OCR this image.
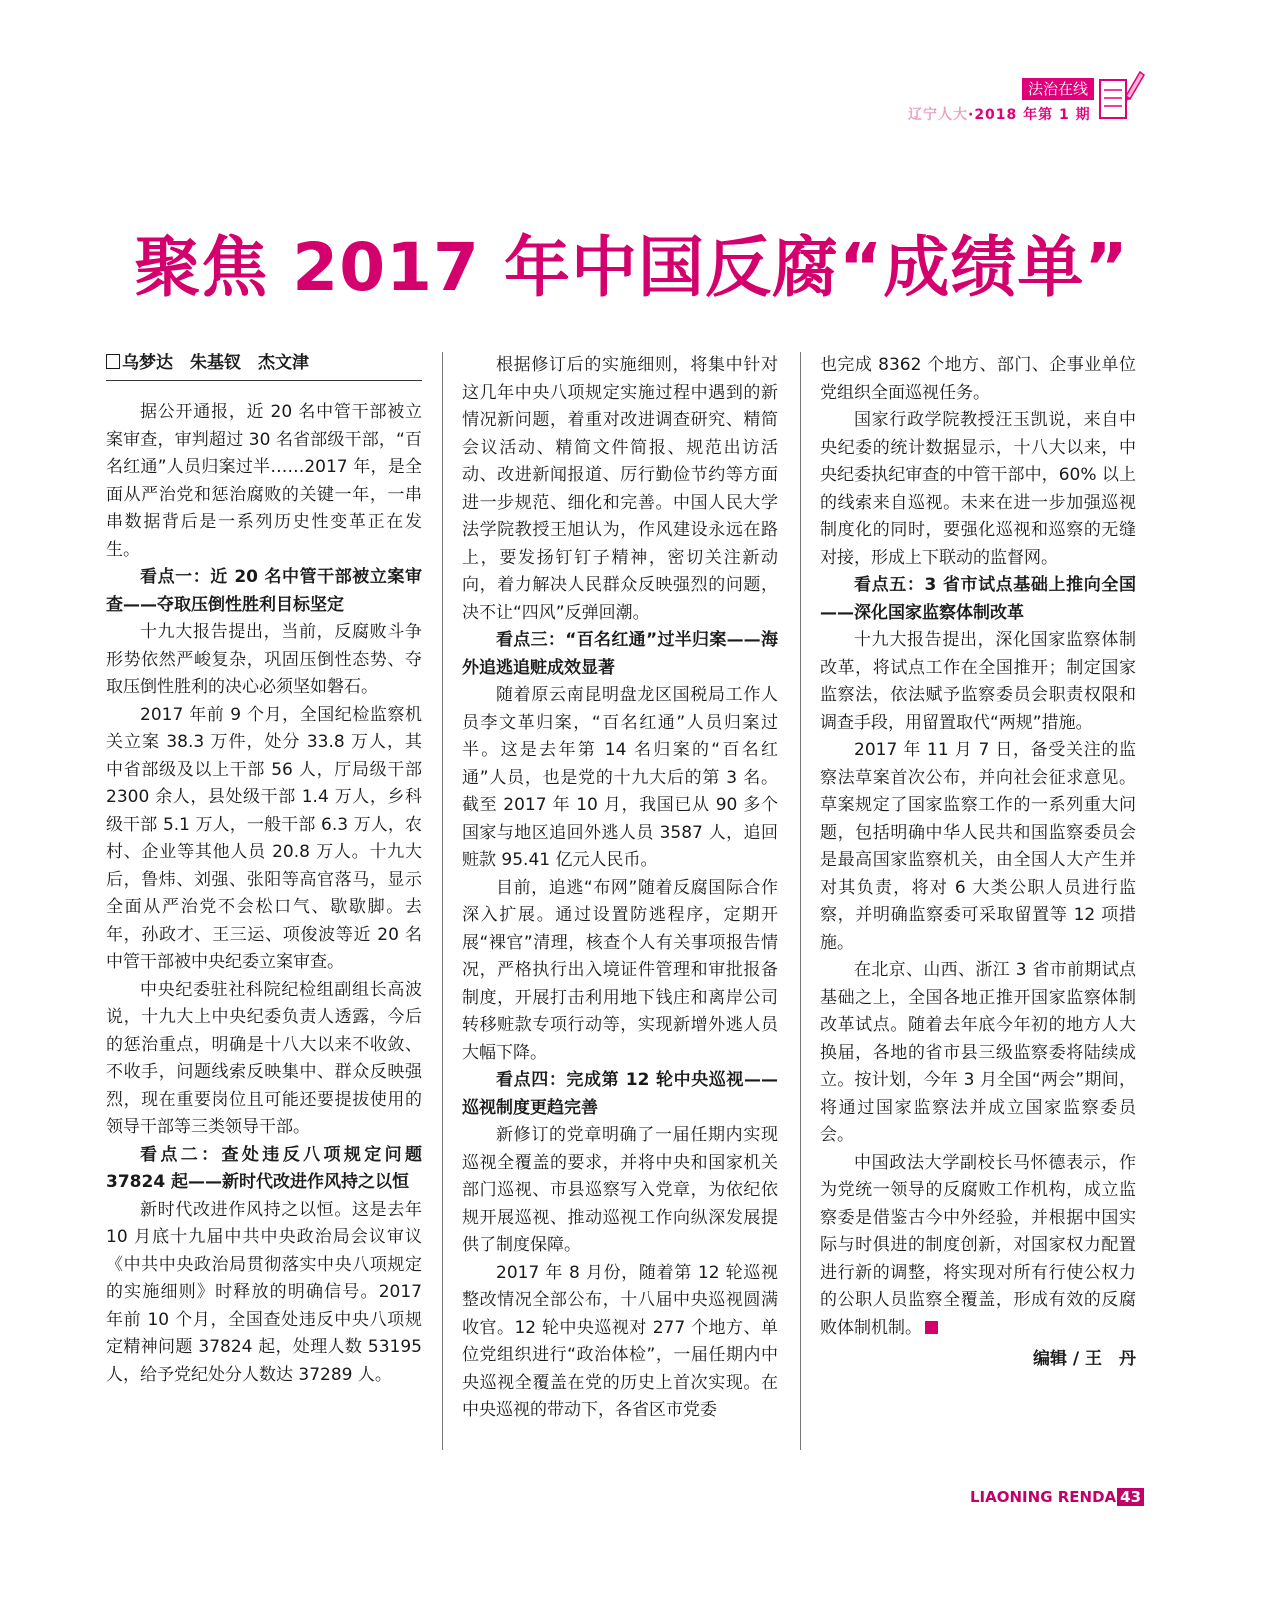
法治在线
辽宁人大·2018 年第 1 期
聚焦 2017 年中国反腐“成绩单”
乌梦达　朱基钗　杰文津

据公开通报，近 20 名中管干部被立案审查，审判超过 30 名省部级干部，“百名红通”人员归案过半……2017 年，是全面从严治党和惩治腐败的关键一年，一串串数据背后是一系列历史性变革正在发生。

看点一：近 20 名中管干部被立案审查——夺取压倒性胜利目标坚定

十九大报告提出，当前，反腐败斗争形势依然严峻复杂，巩固压倒性态势、夺取压倒性胜利的决心必须坚如磐石。

2017 年前 9 个月，全国纪检监察机关立案 38.3 万件，处分 33.8 万人，其中省部级及以上干部 56 人，厅局级干部 2300 余人，县处级干部 1.4 万人，乡科级干部 5.1 万人，一般干部 6.3 万人，农村、企业等其他人员 20.8 万人。十九大后，鲁炜、刘强、张阳等高官落马，显示全面从严治党不会松口气、歇歇脚。去年，孙政才、王三运、项俊波等近 20 名中管干部被中央纪委立案审查。

中央纪委驻社科院纪检组副组长高波说，十九大上中央纪委负责人透露，今后的惩治重点，明确是十八大以来不收敛、不收手，问题线索反映集中、群众反映强烈，现在重要岗位且可能还要提拔使用的领导干部等三类领导干部。

看点二：查处违反八项规定问题 37824 起——新时代改进作风持之以恒

新时代改进作风持之以恒。这是去年 10 月底十九届中共中央政治局会议审议《中共中央政治局贯彻落实中央八项规定的实施细则》时释放的明确信号。2017 年前 10 个月，全国查处违反中央八项规定精神问题 37824 起，处理人数 53195 人，给予党纪处分人数达 37289 人。

根据修订后的实施细则，将集中针对这几年中央八项规定实施过程中遇到的新情况新问题，着重对改进调查研究、精简会议活动、精简文件简报、规范出访活动、改进新闻报道、厉行勤俭节约等方面进一步规范、细化和完善。中国人民大学法学院教授王旭认为，作风建设永远在路上，要发扬钉钉子精神，密切关注新动向，着力解决人民群众反映强烈的问题，决不让“四风”反弹回潮。

看点三：“百名红通”过半归案——海外追逃追赃成效显著

随着原云南昆明盘龙区国税局工作人员李文革归案，“百名红通”人员归案过半。这是去年第 14 名归案的“百名红通”人员，也是党的十九大后的第 3 名。截至 2017 年 10 月，我国已从 90 多个国家与地区追回外逃人员 3587 人，追回赃款 95.41 亿元人民币。

目前，追逃“布网”随着反腐国际合作深入扩展。通过设置防逃程序，定期开展“裸官”清理，核查个人有关事项报告情况，严格执行出入境证件管理和审批报备制度，开展打击利用地下钱庄和离岸公司转移赃款专项行动等，实现新增外逃人员大幅下降。

看点四：完成第 12 轮中央巡视——巡视制度更趋完善

新修订的党章明确了一届任期内实现巡视全覆盖的要求，并将中央和国家机关部门巡视、市县巡察写入党章，为依纪依规开展巡视、推动巡视工作向纵深发展提供了制度保障。

2017 年 8 月份，随着第 12 轮巡视整改情况全部公布，十八届中央巡视圆满收官。12 轮中央巡视对 277 个地方、单位党组织进行“政治体检”，一届任期内中央巡视全覆盖在党的历史上首次实现。在中央巡视的带动下，各省区市党委

也完成 8362 个地方、部门、企事业单位党组织全面巡视任务。

国家行政学院教授汪玉凯说，来自中央纪委的统计数据显示，十八大以来，中央纪委执纪审查的中管干部中，60% 以上的线索来自巡视。未来在进一步加强巡视制度化的同时，要强化巡视和巡察的无缝对接，形成上下联动的监督网。

看点五：3 省市试点基础上推向全国——深化国家监察体制改革

十九大报告提出，深化国家监察体制改革，将试点工作在全国推开；制定国家监察法，依法赋予监察委员会职责权限和调查手段，用留置取代“两规”措施。

2017 年 11 月 7 日，备受关注的监察法草案首次公布，并向社会征求意见。草案规定了国家监察工作的一系列重大问题，包括明确中华人民共和国监察委员会是最高国家监察机关，由全国人大产生并对其负责，将对 6 大类公职人员进行监察，并明确监察委可采取留置等 12 项措施。

在北京、山西、浙江 3 省市前期试点基础之上，全国各地正推开国家监察体制改革试点。随着去年底今年初的地方人大换届，各地的省市县三级监察委将陆续成立。按计划，今年 3 月全国“两会”期间，将通过国家监察法并成立国家监察委员会。

中国政法大学副校长马怀德表示，作为党统一领导的反腐败工作机构，成立监察委是借鉴古今中外经验，并根据中国实际与时俱进的制度创新，对国家权力配置进行新的调整，将实现对所有行使公权力的公职人员监察全覆盖，形成有效的反腐败体制机制。

编辑 / 王　丹
LIAONING RENDA 43
